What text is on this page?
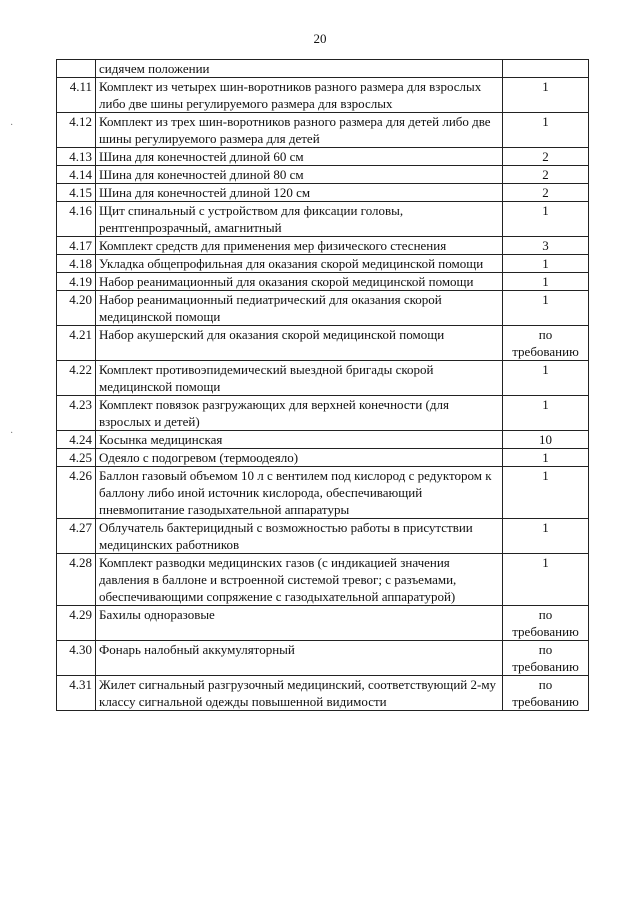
20
·
·
	сидячем положении	
4.11	Комплект из четырех шин-воротников разного размера для взрослых либо две шины регулируемого размера для взрослых	1
4.12	Комплект из трех шин-воротников разного размера для детей либо две шины регулируемого размера для детей	1
4.13	Шина для конечностей длиной 60 см	2
4.14	Шина для конечностей длиной 80 см	2
4.15	Шина для конечностей длиной 120 см	2
4.16	Щит спинальный с устройством для фиксации головы, рентгенпрозрачный, амагнитный	1
4.17	Комплект средств для применения мер физического стеснения	3
4.18	Укладка общепрофильная для оказания скорой медицинской помощи	1
4.19	Набор реанимационный для оказания скорой медицинской помощи	1
4.20	Набор реанимационный педиатрический для оказания скорой медицинской помощи	1
4.21	Набор акушерский для оказания скорой медицинской помощи	по требованию
4.22	Комплект противоэпидемический выездной бригады скорой медицинской помощи	1
4.23	Комплект повязок разгружающих для верхней конечности (для взрослых и детей)	1
4.24	Косынка медицинская	10
4.25	Одеяло с подогревом (термоодеяло)	1
4.26	Баллон газовый объемом 10 л с вентилем под кислород с редуктором к баллону либо иной источник кислорода, обеспечивающий пневмопитание газодыхательной аппаратуры	1
4.27	Облучатель бактерицидный с возможностью работы в присутствии медицинских работников	1
4.28	Комплект разводки медицинских газов (с индикацией значения давления в баллоне и встроенной системой тревог; с разъемами, обеспечивающими сопряжение с газодыхательной аппаратурой)	1
4.29	Бахилы одноразовые	по требованию
4.30	Фонарь налобный аккумуляторный	по требованию
4.31	Жилет сигнальный разгрузочный медицинский, соответствующий 2-му классу сигнальной одежды повышенной видимости	по требованию
